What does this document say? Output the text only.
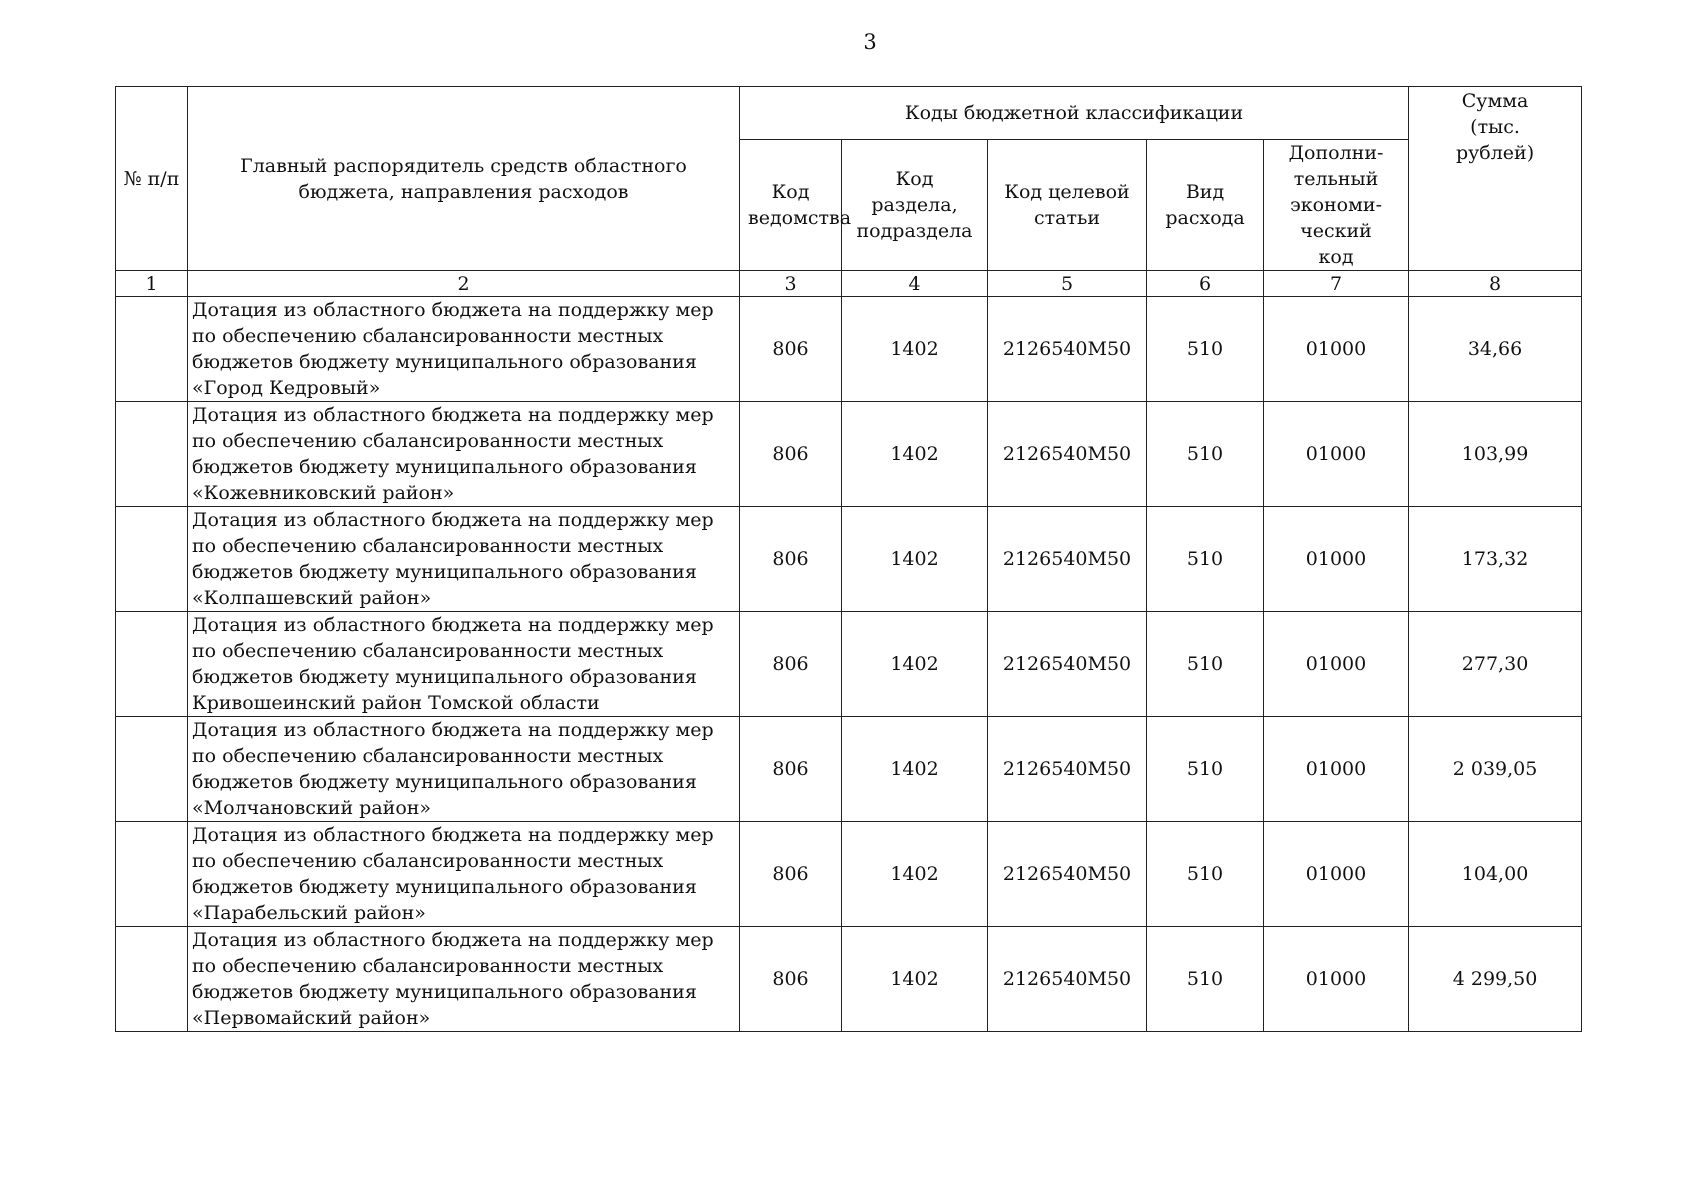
3
№ п/п	Главный распорядитель средств областного бюджета, направления расходов	Коды бюджетной классификации					Сумма (тыс. рублей)
		Код ведомства	Код раздела, подраздела	Код целевой статьи	Вид расхода	Дополни-тельный экономи-ческий код	
1	2	3	4	5	6	7	8
	Дотация из областного бюджета на поддержку мер по обеспечению сбалансированности местных бюджетов бюджету муниципального образования «Город Кедровый»	806	1402	2126540М50	510	01000	34,66
	Дотация из областного бюджета на поддержку мер по обеспечению сбалансированности местных бюджетов бюджету муниципального образования «Кожевниковский район»	806	1402	2126540М50	510	01000	103,99
	Дотация из областного бюджета на поддержку мер по обеспечению сбалансированности местных бюджетов бюджету муниципального образования «Колпашевский район»	806	1402	2126540М50	510	01000	173,32
	Дотация из областного бюджета на поддержку мер по обеспечению сбалансированности местных бюджетов бюджету муниципального образования Кривошеинский район Томской области	806	1402	2126540М50	510	01000	277,30
	Дотация из областного бюджета на поддержку мер по обеспечению сбалансированности местных бюджетов бюджету муниципального образования «Молчановский район»	806	1402	2126540М50	510	01000	2 039,05
	Дотация из областного бюджета на поддержку мер по обеспечению сбалансированности местных бюджетов бюджету муниципального образования «Парабельский район»	806	1402	2126540М50	510	01000	104,00
	Дотация из областного бюджета на поддержку мер по обеспечению сбалансированности местных бюджетов бюджету муниципального образования «Первомайский район»	806	1402	2126540М50	510	01000	4 299,50
